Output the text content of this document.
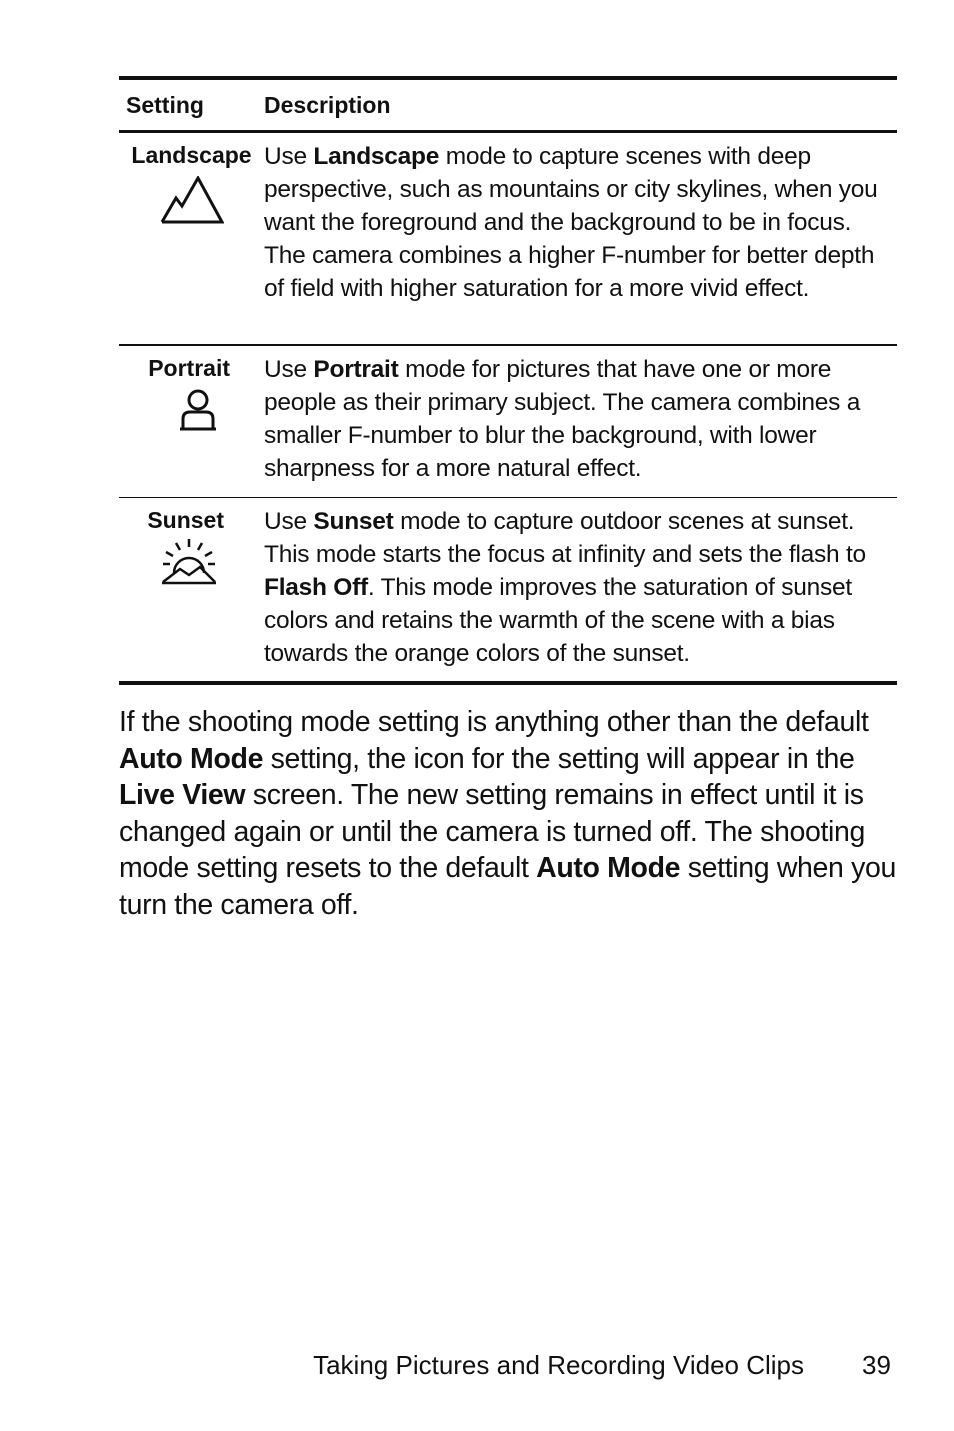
Setting	Description
Landscape Use Landscape mode to capture scenes with deep perspective, such as mountains or city skylines, when you want the foreground and the background to be in focus. The camera combines a higher F-number for better depth of field with higher saturation for a more vivid effect.
Portrait Use Portrait mode for pictures that have one or more people as their primary subject. The camera combines a smaller F-number to blur the background, with lower sharpness for a more natural effect.
Sunset Use Sunset mode to capture outdoor scenes at sunset. This mode starts the focus at infinity and sets the flash to Flash Off. This mode improves the saturation of sunset colors and retains the warmth of the scene with a bias towards the orange colors of the sunset.

If the shooting mode setting is anything other than the default Auto Mode setting, the icon for the setting will appear in the Live View screen. The new setting remains in effect until it is changed again or until the camera is turned off. The shooting mode setting resets to the default Auto Mode setting when you turn the camera off.

Taking Pictures and Recording Video Clips 39
